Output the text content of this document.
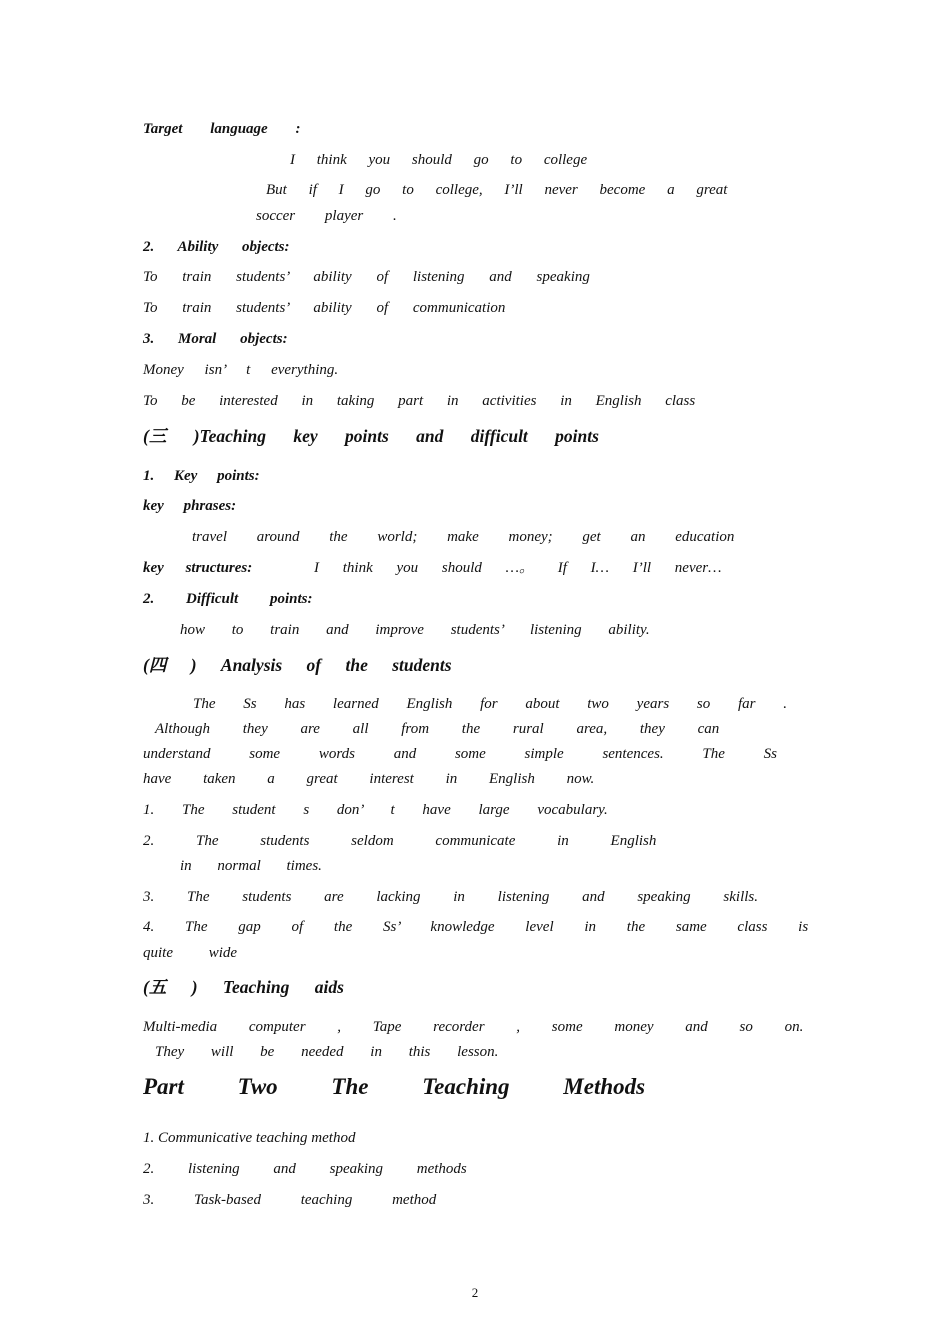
Target language :
I think you should go to college
But if I go to college, I’ll never become a great
soccer player .
2. Ability objects:
To train students’ ability of listening and speaking
To train students’ ability of communication
3. Moral objects:
Money isn’ t everything.
To be interested in taking part in activities in English class
(三 )Teaching key points and difficult points
1. Key points:
key phrases:
travel around the world; make money; get an education
key structures:	I think you should …。 If I… I’ll never…
2. Difficult points:
how to train and improve students’ listening ability.
(四 ) Analysis of the students
The Ss has learned English for about two years so far .
Although they are all from the rural area, they can
understand some words and some simple sentences. The Ss
have taken a great interest in English now.
1. The student s don’ t have large vocabulary.
2. The students seldom communicate in English
in normal times.
3. The students are lacking in listening and speaking skills.
4. The gap of the Ss’ knowledge level in the same class is
quite wide
(五 ) Teaching aids
Multi-media computer , Tape recorder , some money and so on.
They will be needed in this lesson.
Part Two The Teaching Methods
1. Communicative teaching method
2. listening and speaking methods
3. Task-based teaching method
2
